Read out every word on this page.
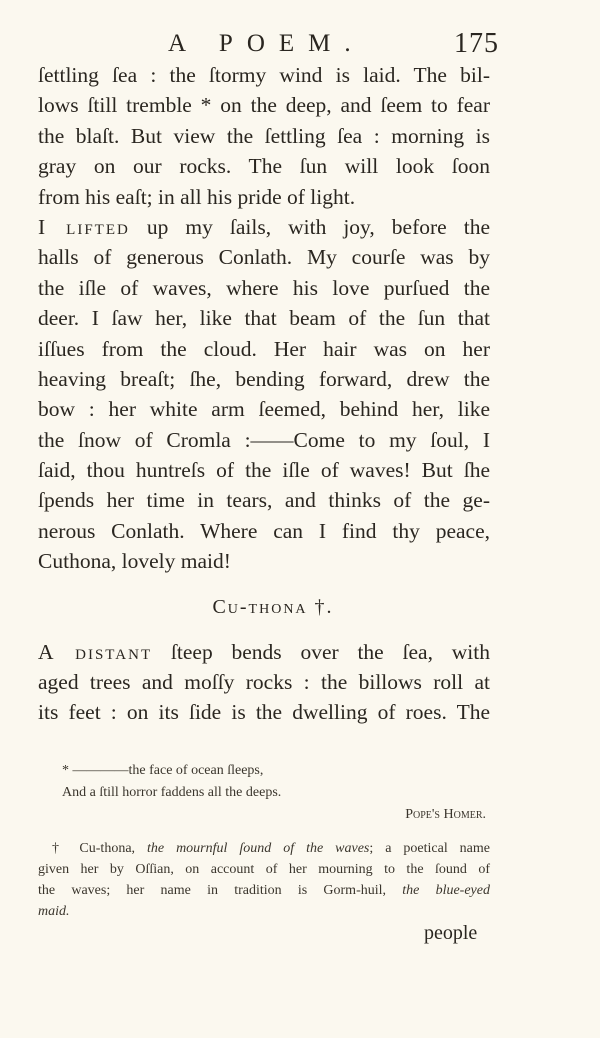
A POEM.	175
ſettling ſea : the ſtormy wind is laid. The bil-
lows ſtill tremble * on the deep, and ſeem to fear
the blaſt. But view the ſettling ſea : morning is
gray on our rocks. The ſun will look ſoon
from his eaſt; in all his pride of light.
I lifted up my ſails, with joy, before the
halls of generous Conlath. My courſe was by
the iſle of waves, where his love purſued the
deer. I ſaw her, like that beam of the ſun that
iſſues from the cloud. Her hair was on her
heaving breaſt; ſhe, bending forward, drew the
bow : her white arm ſeemed, behind her, like
the ſnow of Cromla :——Come to my ſoul, I
ſaid, thou huntreſs of the iſle of waves! But ſhe
ſpends her time in tears, and thinks of the ge-
nerous Conlath. Where can I find thy peace,
Cuthona, lovely maid!
Cu-thona †.
A distant ſteep bends over the ſea, with
aged trees and moſſy rocks : the billows roll at
its feet : on its ſide is the dwelling of roes. The
* ————the face of ocean ſleeps,
And a ſtill horror faddens all the deeps.
Pope's Homer.
† Cu-thona, the mournful ſound of the waves; a poetical name
given her by Oſſian, on account of her mourning to the ſound of
the waves; her name in tradition is Gorm-huil, the blue-eyed
maid.
people
